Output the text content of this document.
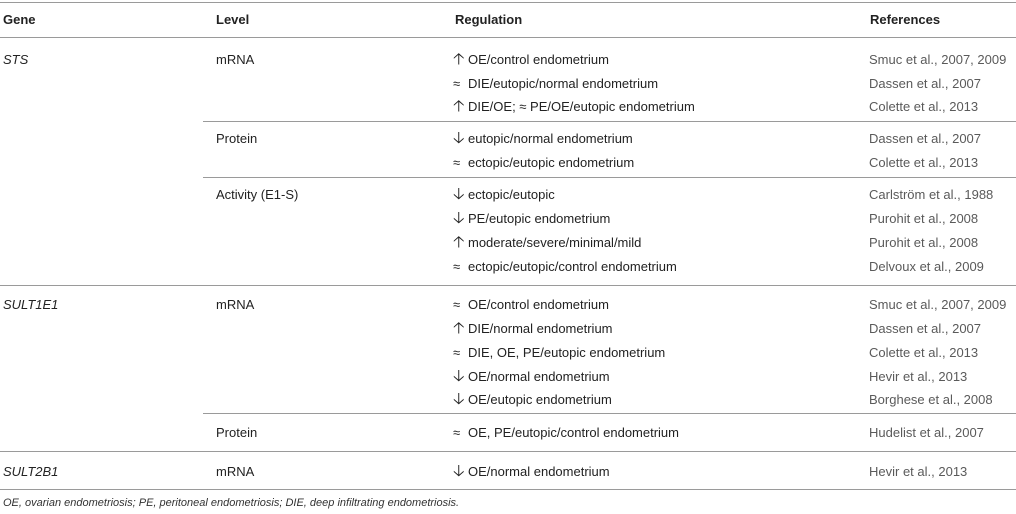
Gene	Level	Regulation	References
STS	mRNA	🡡 OE/control endometrium	Smuc et al., 2007, 2009
≈ DIE/eutopic/normal endometrium	Dassen et al., 2007
🡡 DIE/OE; ≈ PE/OE/eutopic endometrium	Colette et al., 2013
Protein	🡣 eutopic/normal endometrium	Dassen et al., 2007
≈ ectopic/eutopic endometrium	Colette et al., 2013
Activity (E1-S)	🡣 ectopic/eutopic	Carlström et al., 1988
🡣 PE/eutopic endometrium	Purohit et al., 2008
🡡 moderate/severe/minimal/mild	Purohit et al., 2008
≈ ectopic/eutopic/control endometrium	Delvoux et al., 2009
SULT1E1	mRNA	≈ OE/control endometrium	Smuc et al., 2007, 2009
🡡 DIE/normal endometrium	Dassen et al., 2007
≈ DIE, OE, PE/eutopic endometrium	Colette et al., 2013
🡣 OE/normal endometrium	Hevir et al., 2013
🡣 OE/eutopic endometrium	Borghese et al., 2008
Protein	≈ OE, PE/eutopic/control endometrium	Hudelist et al., 2007
SULT2B1	mRNA	🡣 OE/normal endometrium	Hevir et al., 2013
OE, ovarian endometriosis; PE, peritoneal endometriosis; DIE, deep infiltrating endometriosis.
